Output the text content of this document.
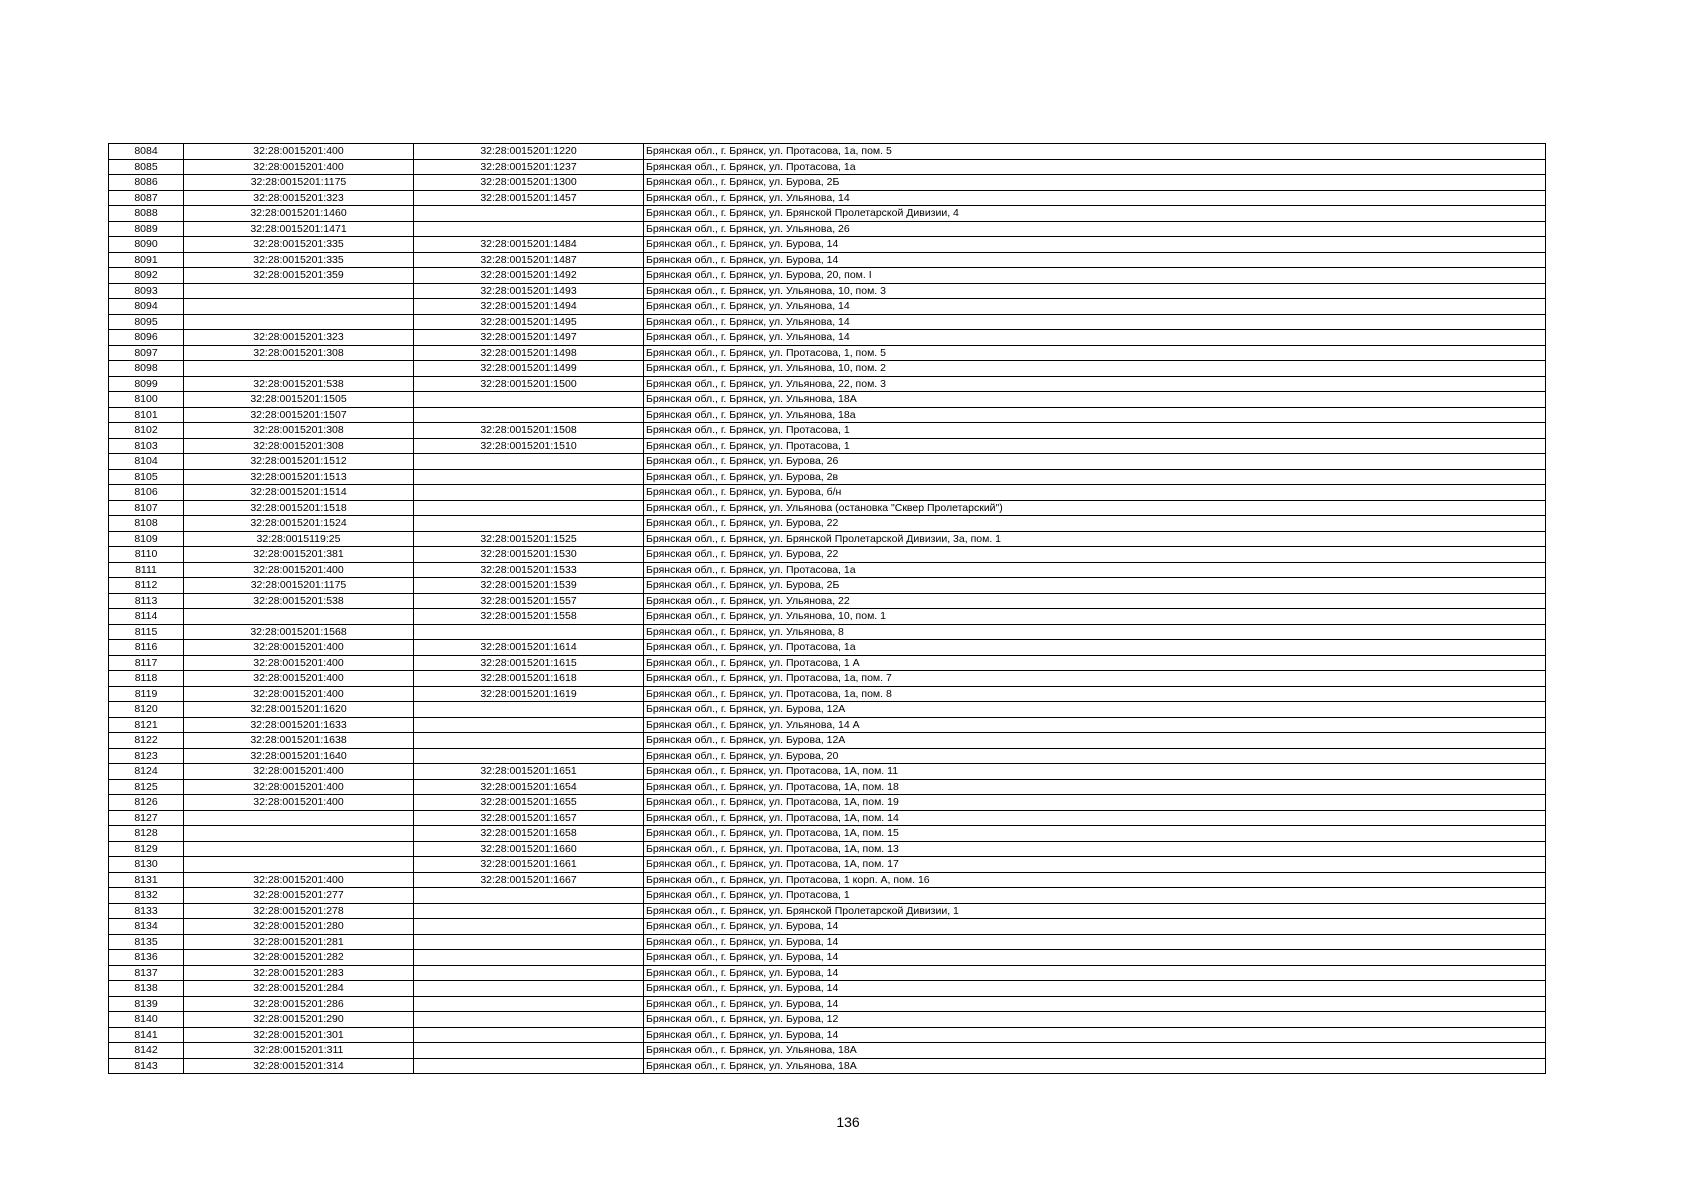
8084	32:28:0015201:400	32:28:0015201:1220	Брянская обл., г. Брянск, ул. Протасова, 1а, пом. 5
8085	32:28:0015201:400	32:28:0015201:1237	Брянская обл., г. Брянск, ул. Протасова, 1а
8086	32:28:0015201:1175	32:28:0015201:1300	Брянская обл., г. Брянск, ул. Бурова, 2Б
8087	32:28:0015201:323	32:28:0015201:1457	Брянская обл., г. Брянск, ул. Ульянова, 14
8088	32:28:0015201:1460		Брянская обл., г. Брянск, ул. Брянской Пролетарской Дивизии, 4
8089	32:28:0015201:1471		Брянская обл., г. Брянск, ул. Ульянова, 26
8090	32:28:0015201:335	32:28:0015201:1484	Брянская обл., г. Брянск, ул. Бурова, 14
8091	32:28:0015201:335	32:28:0015201:1487	Брянская обл., г. Брянск, ул. Бурова, 14
8092	32:28:0015201:359	32:28:0015201:1492	Брянская обл., г. Брянск, ул. Бурова, 20, пом. I
8093		32:28:0015201:1493	Брянская обл., г. Брянск, ул. Ульянова, 10, пом. 3
8094		32:28:0015201:1494	Брянская обл., г. Брянск, ул. Ульянова, 14
8095		32:28:0015201:1495	Брянская обл., г. Брянск, ул. Ульянова, 14
8096	32:28:0015201:323	32:28:0015201:1497	Брянская обл., г. Брянск, ул. Ульянова, 14
8097	32:28:0015201:308	32:28:0015201:1498	Брянская обл., г. Брянск, ул. Протасова, 1, пом. 5
8098		32:28:0015201:1499	Брянская обл., г. Брянск, ул. Ульянова, 10, пом. 2
8099	32:28:0015201:538	32:28:0015201:1500	Брянская обл., г. Брянск, ул. Ульянова, 22, пом. 3
8100	32:28:0015201:1505		Брянская обл., г. Брянск, ул. Ульянова, 18А
8101	32:28:0015201:1507		Брянская обл., г. Брянск, ул. Ульянова, 18а
8102	32:28:0015201:308	32:28:0015201:1508	Брянская обл., г. Брянск, ул. Протасова, 1
8103	32:28:0015201:308	32:28:0015201:1510	Брянская обл., г. Брянск, ул. Протасова, 1
8104	32:28:0015201:1512		Брянская обл., г. Брянск, ул. Бурова, 26
8105	32:28:0015201:1513		Брянская обл., г. Брянск, ул. Бурова, 2в
8106	32:28:0015201:1514		Брянская обл., г. Брянск, ул. Бурова, б/н
8107	32:28:0015201:1518		Брянская обл., г. Брянск, ул. Ульянова (остановка "Сквер Пролетарский")
8108	32:28:0015201:1524		Брянская обл., г. Брянск, ул. Бурова, 22
8109	32:28:0015119:25	32:28:0015201:1525	Брянская обл., г. Брянск, ул. Брянской Пролетарской Дивизии, 3а, пом. 1
8110	32:28:0015201:381	32:28:0015201:1530	Брянская обл., г. Брянск, ул. Бурова, 22
8111	32:28:0015201:400	32:28:0015201:1533	Брянская обл., г. Брянск, ул. Протасова, 1а
8112	32:28:0015201:1175	32:28:0015201:1539	Брянская обл., г. Брянск, ул. Бурова, 2Б
8113	32:28:0015201:538	32:28:0015201:1557	Брянская обл., г. Брянск, ул. Ульянова, 22
8114		32:28:0015201:1558	Брянская обл., г. Брянск, ул. Ульянова, 10, пом. 1
8115	32:28:0015201:1568		Брянская обл., г. Брянск, ул. Ульянова, 8
8116	32:28:0015201:400	32:28:0015201:1614	Брянская обл., г. Брянск, ул. Протасова, 1а
8117	32:28:0015201:400	32:28:0015201:1615	Брянская обл., г. Брянск, ул. Протасова, 1 А
8118	32:28:0015201:400	32:28:0015201:1618	Брянская обл., г. Брянск, ул. Протасова, 1а, пом. 7
8119	32:28:0015201:400	32:28:0015201:1619	Брянская обл., г. Брянск, ул. Протасова, 1а, пом. 8
8120	32:28:0015201:1620		Брянская обл., г. Брянск, ул. Бурова, 12А
8121	32:28:0015201:1633		Брянская обл., г. Брянск, ул. Ульянова, 14 А
8122	32:28:0015201:1638		Брянская обл., г. Брянск, ул. Бурова, 12А
8123	32:28:0015201:1640		Брянская обл., г. Брянск, ул. Бурова, 20
8124	32:28:0015201:400	32:28:0015201:1651	Брянская обл., г. Брянск, ул. Протасова, 1А, пом. 11
8125	32:28:0015201:400	32:28:0015201:1654	Брянская обл., г. Брянск, ул. Протасова, 1А, пом. 18
8126	32:28:0015201:400	32:28:0015201:1655	Брянская обл., г. Брянск, ул. Протасова, 1А, пом. 19
8127		32:28:0015201:1657	Брянская обл., г. Брянск, ул. Протасова, 1А, пом. 14
8128		32:28:0015201:1658	Брянская обл., г. Брянск, ул. Протасова, 1А, пом. 15
8129		32:28:0015201:1660	Брянская обл., г. Брянск, ул. Протасова, 1А, пом. 13
8130		32:28:0015201:1661	Брянская обл., г. Брянск, ул. Протасова, 1А, пом. 17
8131	32:28:0015201:400	32:28:0015201:1667	Брянская обл., г. Брянск, ул. Протасова, 1 корп. А, пом. 16
8132	32:28:0015201:277		Брянская обл., г. Брянск, ул. Протасова, 1
8133	32:28:0015201:278		Брянская обл., г. Брянск, ул. Брянской Пролетарской Дивизии, 1
8134	32:28:0015201:280		Брянская обл., г. Брянск, ул. Бурова, 14
8135	32:28:0015201:281		Брянская обл., г. Брянск, ул. Бурова, 14
8136	32:28:0015201:282		Брянская обл., г. Брянск, ул. Бурова, 14
8137	32:28:0015201:283		Брянская обл., г. Брянск, ул. Бурова, 14
8138	32:28:0015201:284		Брянская обл., г. Брянск, ул. Бурова, 14
8139	32:28:0015201:286		Брянская обл., г. Брянск, ул. Бурова, 14
8140	32:28:0015201:290		Брянская обл., г. Брянск, ул. Бурова, 12
8141	32:28:0015201:301		Брянская обл., г. Брянск, ул. Бурова, 14
8142	32:28:0015201:311		Брянская обл., г. Брянск, ул. Ульянова, 18А
8143	32:28:0015201:314		Брянская обл., г. Брянск, ул. Ульянова, 18А
136
